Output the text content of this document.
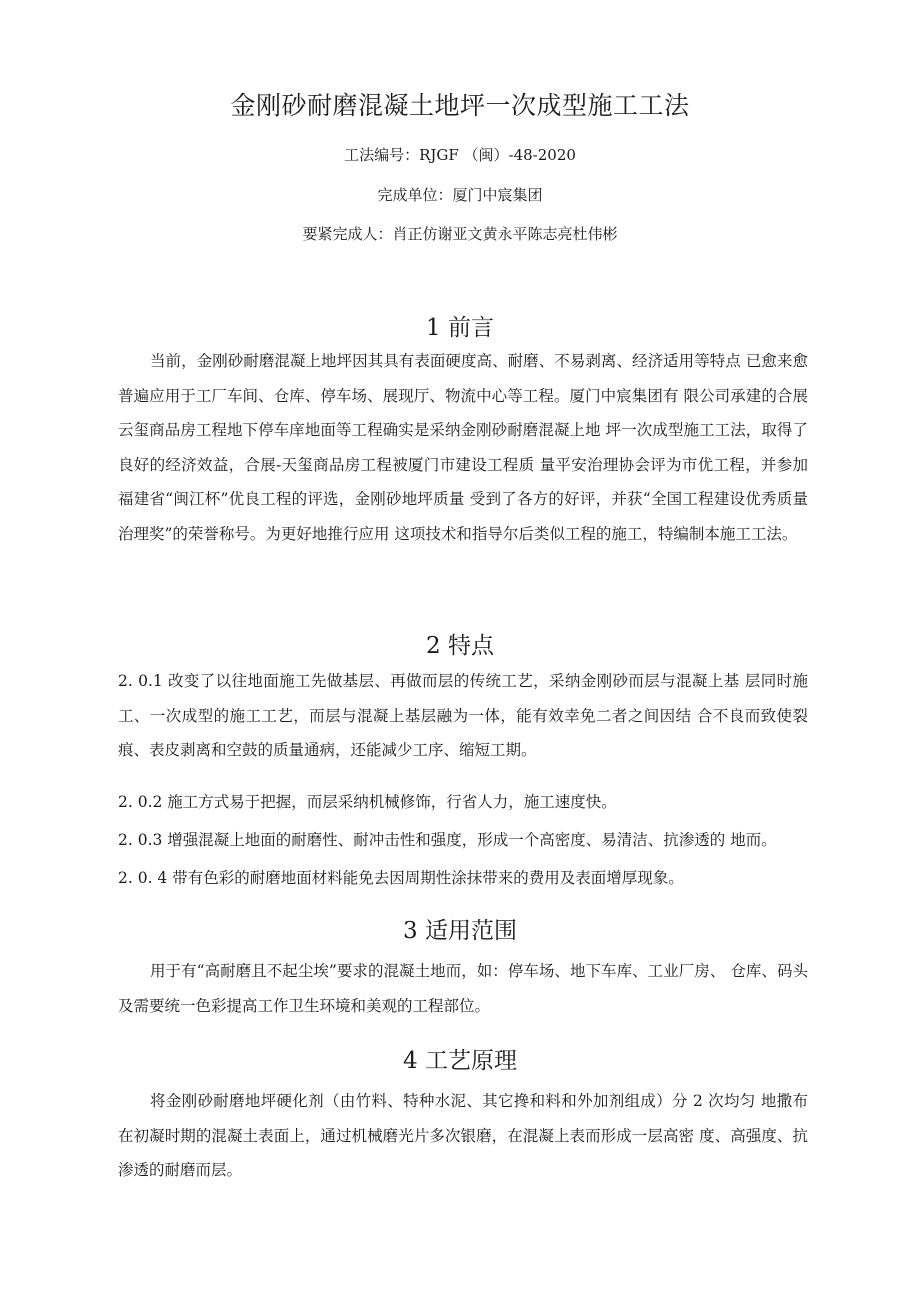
金刚砂耐磨混凝土地坪一次成型施工工法
工法编号：RJGF （闽）-48-2020
完成单位：厦门中宸集团
要紧完成人：肖正仿谢亚文黄永平陈志亮杜伟彬
1 前言
当前，金刚砂耐磨混凝上地坪因其具有表面硬度高、耐磨、不易剥离、经济适用等特点 已愈来愈普遍应用于工厂车间、仓库、停车场、展现厅、物流中心等工程。厦门中宸集团有 限公司承建的合展 云玺商品房工程地下停车庠地面等工程确实是采纳金刚砂耐磨混凝上地 坪一次成型施工工法，取得了良好的经济效益，合展-天玺商品房工程被厦门市建设工程质 量平安治理协会评为市优工程，并参加福建省“闽江杯”优良工程的评选，金刚砂地坪质量 受到了各方的好评，并获“全国工程建设优秀质量治理奖”的荣誉称号。为更好地推行应用 这项技术和指导尔后类似工程的施工，特编制本施工工法。
2 特点
2. 0.1 改变了以往地面施工先做基层、再做而层的传统工艺，采纳金刚砂而层与混凝上基 层同时施工、一次成型的施工工艺，而层与混凝上基层融为一体，能有效幸免二者之间因结 合不良而致使裂痕、表皮剥离和空鼓的质量通病，还能减少工序、缩短工期。
2. 0.2 施工方式易于把握，而层采纳机械修饰，行省人力，施工速度快。
2. 0.3 增强混凝上地面的耐磨性、耐冲击性和强度，形成一个高密度、易清洁、抗渗透的 地而。
2. 0. 4 带有色彩的耐磨地面材料能免去因周期性涂抹带来的费用及表面增厚现象。
3 适用范围
用于有“高耐磨且不起尘埃”要求的混凝土地而，如：停车场、地下车库、工业厂房、 仓库、码头及需要统一色彩提高工作卫生环境和美观的工程部位。
4 工艺原理
将金刚砂耐磨地坪硬化剂（由竹料、特种水泥、其它搀和料和外加剂组成）分 2 次均匀 地撒布在初凝时期的混凝土表面上，通过机械磨光片多次银磨，在混凝上表而形成一层高密 度、高强度、抗渗透的耐磨而层。
